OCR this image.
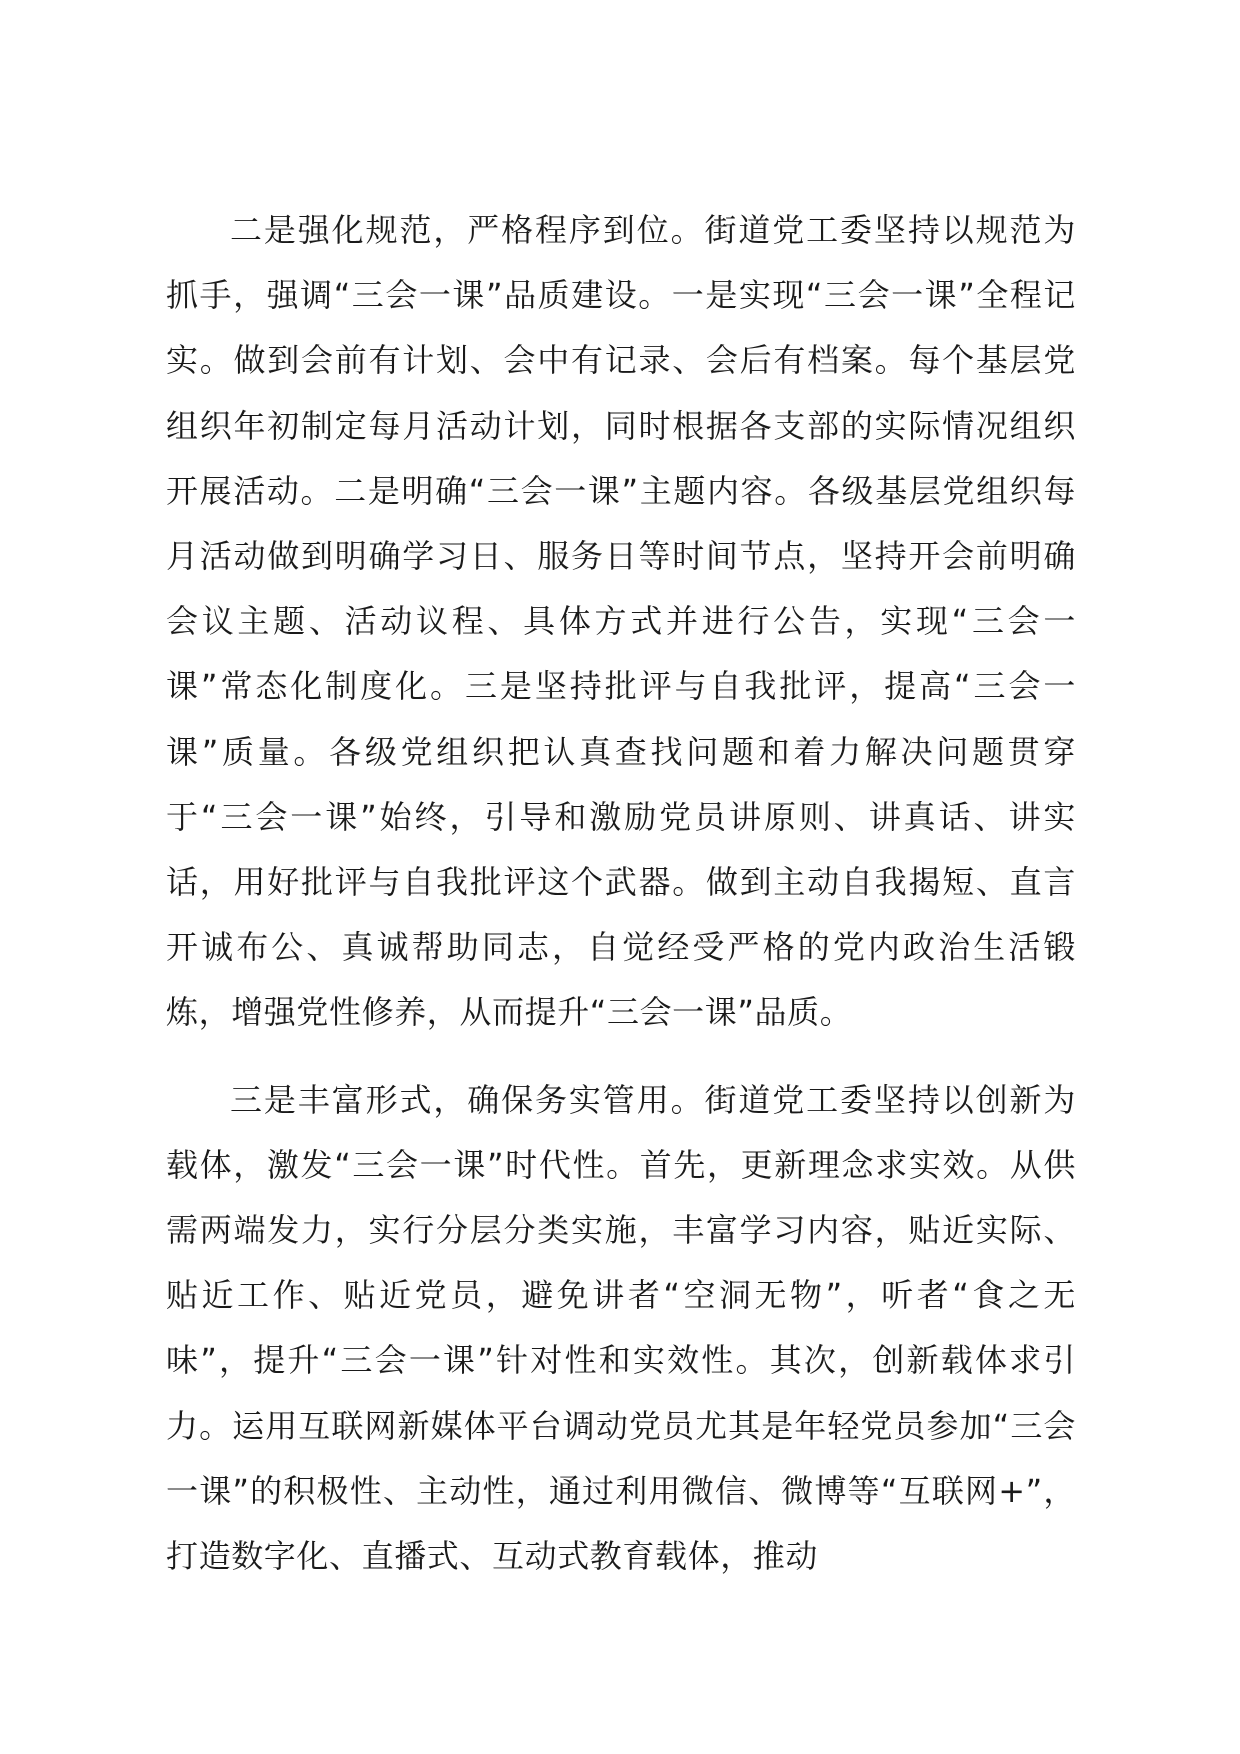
二是强化规范，严格程序到位。街道党工委坚持以规范为抓手，强调“三会一课”品质建设。一是实现“三会一课”全程记实。做到会前有计划、会中有记录、会后有档案。每个基层党组织年初制定每月活动计划，同时根据各支部的实际情况组织开展活动。二是明确“三会一课”主题内容。各级基层党组织每月活动做到明确学习日、服务日等时间节点，坚持开会前明确会议主题、活动议程、具体方式并进行公告，实现“三会一课”常态化制度化。三是坚持批评与自我批评，提高“三会一课”质量。各级党组织把认真查找问题和着力解决问题贯穿于“三会一课”始终，引导和激励党员讲原则、讲真话、讲实话，用好批评与自我批评这个武器。做到主动自我揭短、直言开诚布公、真诚帮助同志，自觉经受严格的党内政治生活锻炼，增强党性修养，从而提升“三会一课”品质。

三是丰富形式，确保务实管用。街道党工委坚持以创新为载体，激发“三会一课”时代性。首先，更新理念求实效。从供需两端发力，实行分层分类实施，丰富学习内容，贴近实际、贴近工作、贴近党员，避免讲者“空洞无物”，听者“食之无味”，提升“三会一课”针对性和实效性。其次，创新载体求引力。运用互联网新媒体平台调动党员尤其是年轻党员参加“三会一课”的积极性、主动性，通过利用微信、微博等“互联网+”，打造数字化、直播式、互动式教育载体，推动
